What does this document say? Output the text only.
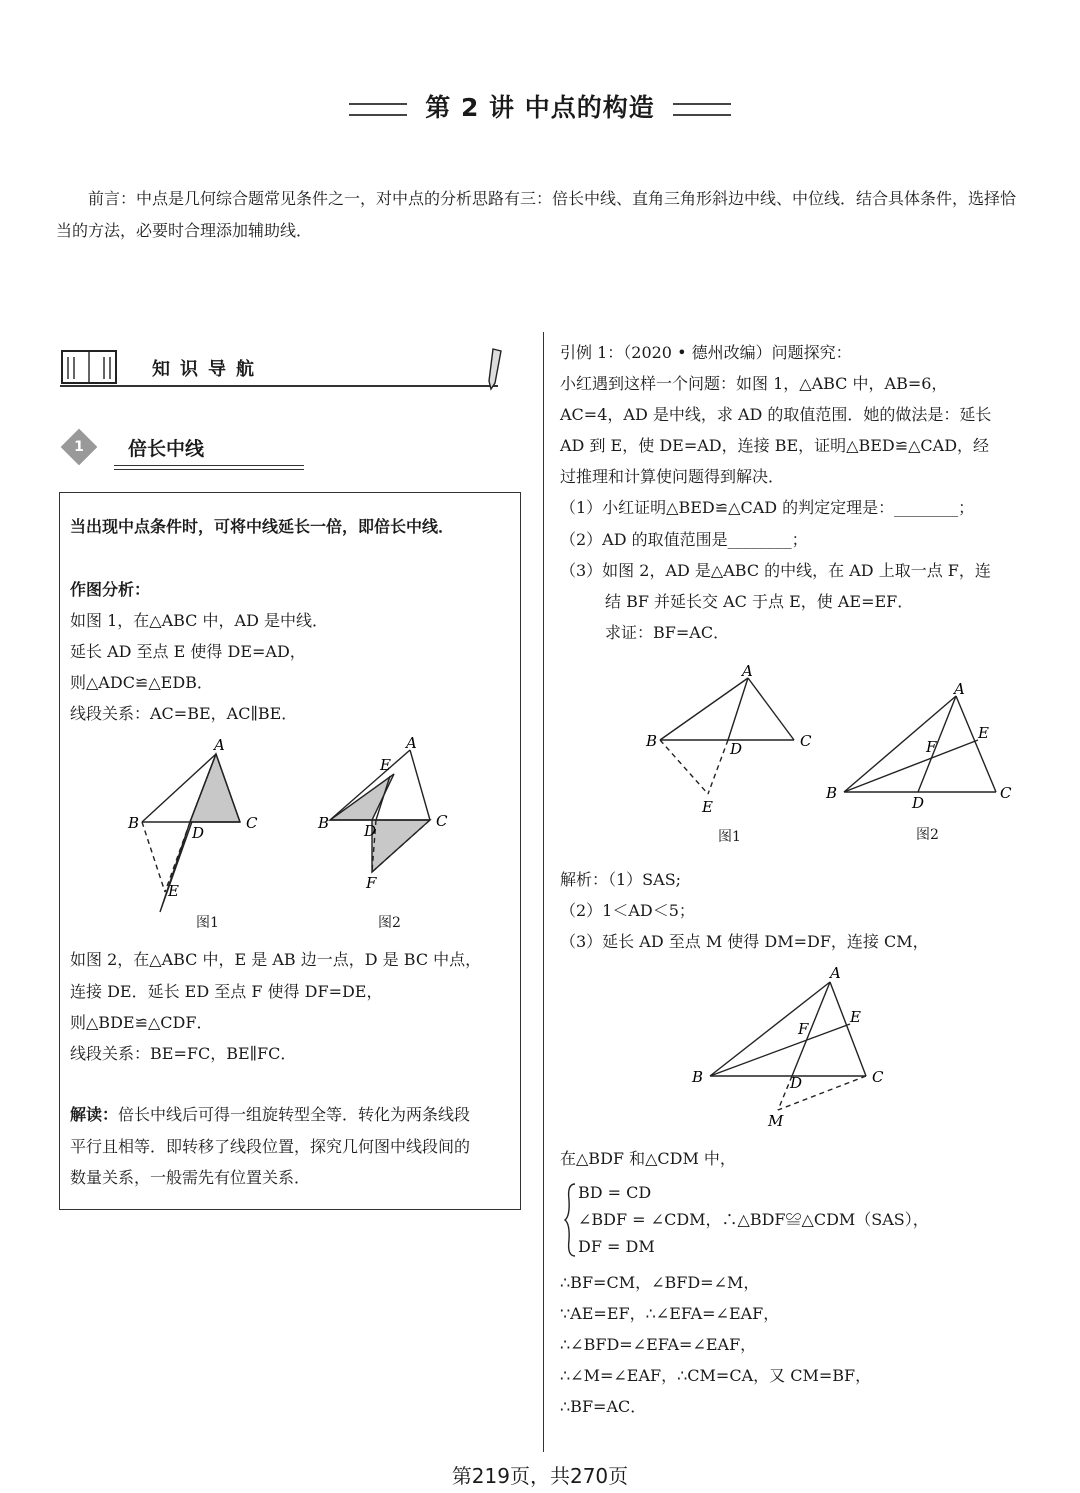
第 2 讲 中点的构造
前言：中点是几何综合题常见条件之一，对中点的分析思路有三：倍长中线、直角三角形斜边中线、中位线．结合具体条件，选择恰当的方法，必要时合理添加辅助线．
知识导航
1 倍长中线
当出现中点条件时，可将中线延长一倍，即倍长中线．
作图分析：
如图 1，在△ABC 中，AD 是中线．
延长 AD 至点 E 使得 DE=AD，
则△ADC≌△EDB．
线段关系：AC=BE，AC∥BE．
A
B	C
D
E
A
E
B	C
D
F
图1	图2
如图 2，在△ABC 中，E 是 AB 边一点，D 是 BC 中点，
连接 DE．延长 ED 至点 F 使得 DF=DE，
则△BDE≌△CDF．
线段关系：BE=FC，BE∥FC．
解读：倍长中线后可得一组旋转型全等．转化为两条线段
平行且相等．即转移了线段位置，探究几何图中线段间的
数量关系，一般需先有位置关系．
引例 1：（2020 • 德州改编）问题探究：
小红遇到这样一个问题：如图 1，△ABC 中，AB=6，
AC=4，AD 是中线，求 AD 的取值范围．她的做法是：延长
AD 到 E，使 DE=AD，连接 BE，证明△BED≌△CAD，经
过推理和计算使问题得到解决．
（1）小红证明△BED≌△CAD 的判定定理是：________；
（2）AD 的取值范围是________；
（3）如图 2，AD 是△ABC 的中线，在 AD 上取一点 F，连
结 BF 并延长交 AC 于点 E，使 AE=EF．
求证：BF=AC．
A
B	C
D
E
A
F
E
B
D
C
图1	图2
解析：（1）SAS;
（2）1＜AD＜5；
（3）延长 AD 至点 M 使得 DM=DF，连接 CM，
A
F
E
B	D	C
M
在△BDF 和△CDM 中，
BD = CD
∠BDF = ∠CDM，∴△BDF≌△CDM（SAS），
DF = DM
∴BF=CM，∠BFD=∠M，
∵AE=EF，∴∠EFA=∠EAF，
∴∠BFD=∠EFA=∠EAF，
∴∠M=∠EAF，∴CM=CA，又 CM=BF，
∴BF=AC．
第219页，共270页
